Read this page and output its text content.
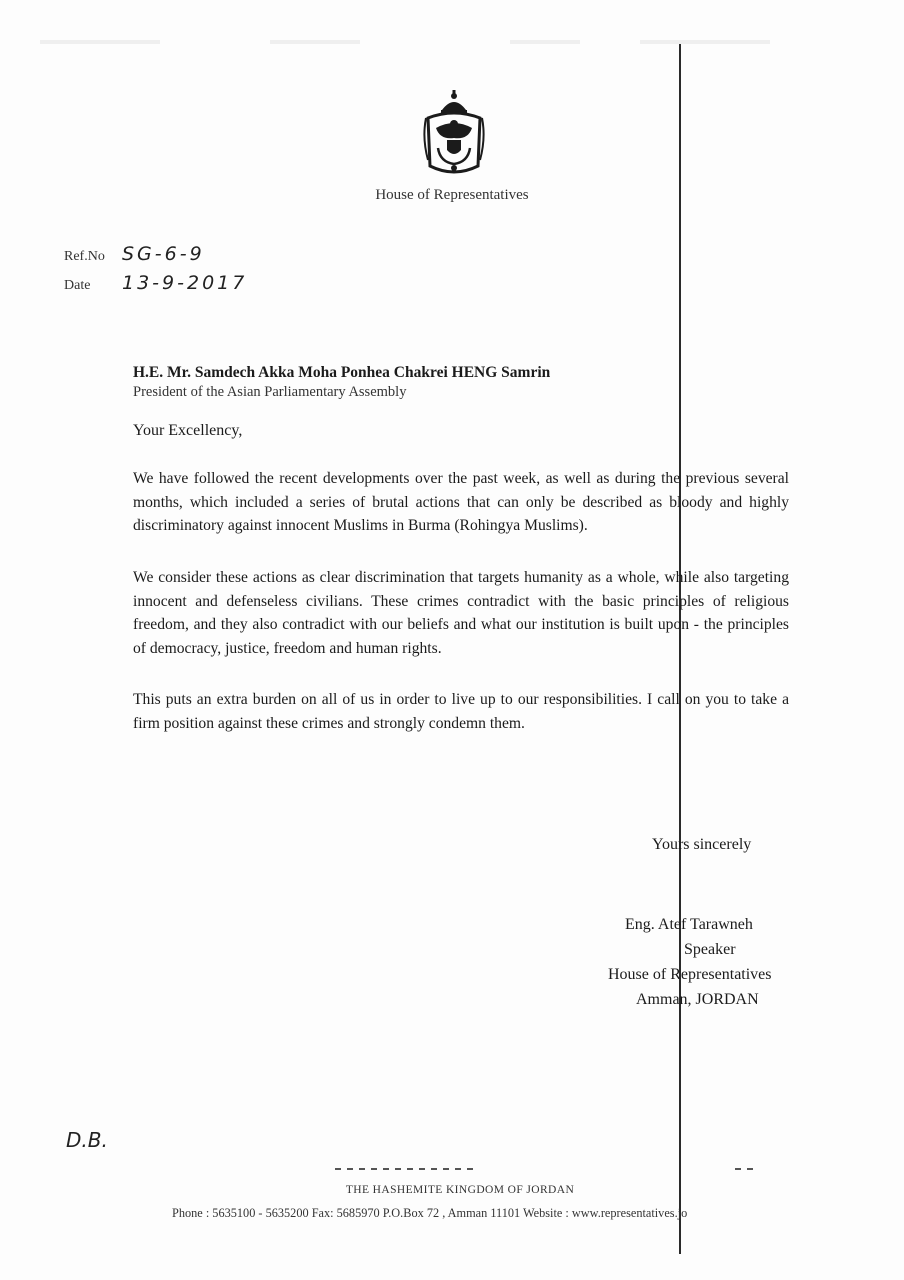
House of Representatives
Ref.No SG-6-9
Date	13-9-2017
H.E. Mr. Samdech Akka Moha Ponhea Chakrei HENG Samrin
President of the Asian Parliamentary Assembly
Your Excellency,
We have followed the recent developments over the past week, as well as during the previous several months, which included a series of brutal actions that can only be described as bloody and highly discriminatory against innocent Muslims in Burma (Rohingya Muslims).
We consider these actions as clear discrimination that targets humanity as a whole, while also targeting innocent and defenseless civilians. These crimes contradict with the basic principles of religious freedom, and they also contradict with our beliefs and what our institution is built upon - the principles of democracy, justice, freedom and human rights.
This puts an extra burden on all of us in order to live up to our responsibilities. I call on you to take a firm position against these crimes and strongly condemn them.
Yours sincerely
Eng. Atef Tarawneh
Speaker
House of Representatives
Amman, JORDAN
D.B.
THE HASHEMITE KINGDOM OF JORDAN
Phone : 5635100 - 5635200 Fax: 5685970 P.O.Box 72 , Amman 11101 Website : www.representatives.jo
